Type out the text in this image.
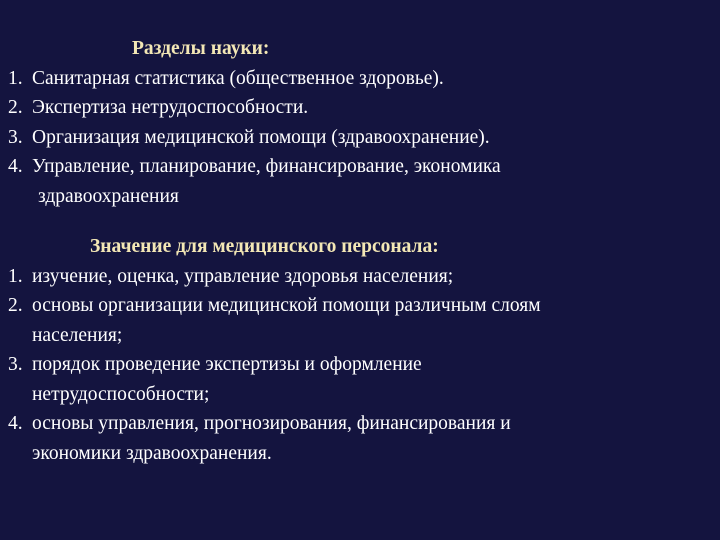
Разделы науки:

1. Санитарная статистика (общественное здоровье).
2. Экспертиза нетрудоспособности.
3. Организация медицинской помощи (здравоохранение).
4. Управление, планирование, финансирование, экономика
здравоохранения

Значение для медицинского персонала:

1. изучение, оценка, управление здоровья населения;
2. основы организации медицинской помощи различным слоям
населения;
3. порядок проведение экспертизы и оформление
нетрудоспособности;
4. основы управления, прогнозирования, финансирования и
экономики здравоохранения.
